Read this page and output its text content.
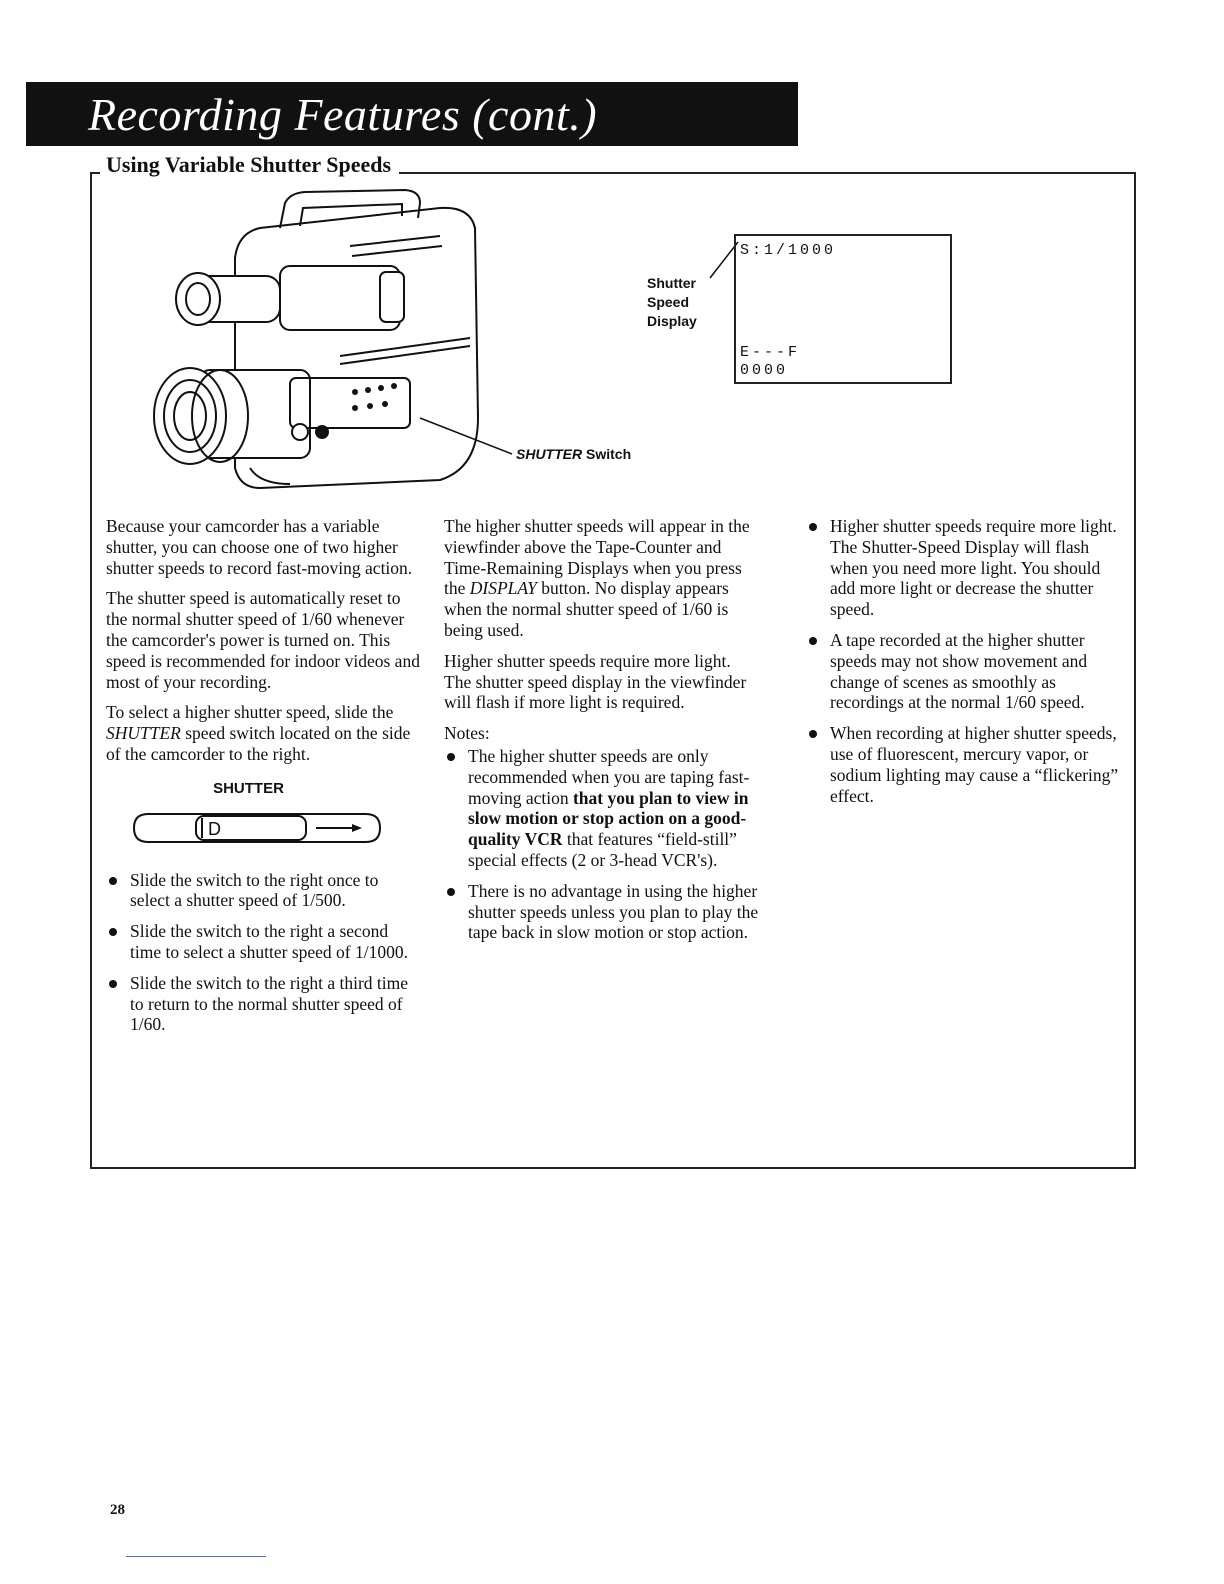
Recording Features (cont.)
Using Variable Shutter Speeds
Shutter
Speed
Display
S:1/1000
E---F
0000
SHUTTER Switch

Because your camcorder has a variable shutter, you can choose one of two higher shutter speeds to record fast-moving action.

The shutter speed is automatically reset to the normal shutter speed of 1/60 whenever the camcorder's power is turned on. This speed is recommended for indoor videos and most of your recording.

To select a higher shutter speed, slide the SHUTTER speed switch located on the side of the camcorder to the right.

SHUTTER
D
Slide the switch to the right once to select a shutter speed of 1/500.
Slide the switch to the right a second time to select a shutter speed of 1/1000.
Slide the switch to the right a third time to return to the normal shutter speed of 1/60.

The higher shutter speeds will appear in the viewfinder above the Tape-Counter and Time-Remaining Displays when you press the DISPLAY button. No display appears when the normal shutter speed of 1/60 is being used.

Higher shutter speeds require more light. The shutter speed display in the viewfinder will flash if more light is required.

Notes:
The higher shutter speeds are only recommended when you are taping fast-moving action that you plan to view in slow motion or stop action on a good-quality VCR that features “field-still” special effects (2 or 3-head VCR's).
There is no advantage in using the higher shutter speeds unless you plan to play the tape back in slow motion or stop action.
Higher shutter speeds require more light. The Shutter-Speed Display will flash when you need more light. You should add more light or decrease the shutter speed.
A tape recorded at the higher shutter speeds may not show movement and change of scenes as smoothly as recordings at the normal 1/60 speed.
When recording at higher shutter speeds, use of fluorescent, mercury vapor, or sodium lighting may cause a “flickering” effect.
28
